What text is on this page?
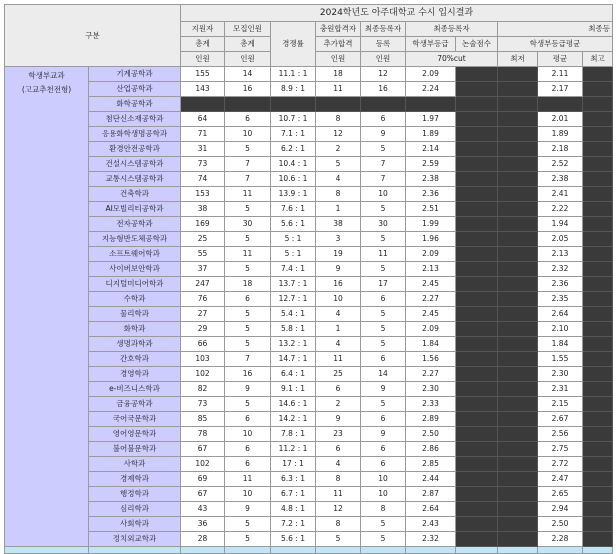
구분		2024학년도 아주대학교 수시 입시결과									
		지원자	모집인원	경쟁률	충원합격자	최종등록자	최종등록자		최종등		
		총계	총계		추가합격	등록	학생부등급	논술점수	학생부등급평균		
		인원	인원		인원	인원	70%cut		최저	평균	최고

학생부교과
(고교추천전형)	기계공학과	155	14	11.1 : 1	18	12	2.09			2.11	
	산업공학과	143	16	8.9 : 1	11	16	2.24			2.17	
	화학공학과										
	첨단신소재공학과	64	6	10.7 : 1	8	6	1.97			2.01	
	응용화학생명공학과	71	10	7.1 : 1	12	9	1.89			1.89	
	환경안전공학과	31	5	6.2 : 1	2	5	2.14			2.18	
	건설시스템공학과	73	7	10.4 : 1	5	7	2.59			2.52	
	교통시스템공학과	74	7	10.6 : 1	4	7	2.38			2.38	
	건축학과	153	11	13.9 : 1	8	10	2.36			2.41	
	AI모빌리티공학과	38	5	7.6 : 1	1	5	2.51			2.22	
	전자공학과	169	30	5.6 : 1	38	30	1.99			1.94	
	지능형반도체공학과	25	5	5 : 1	3	5	1.96			2.05	
	소프트웨어학과	55	11	5 : 1	19	11	2.09			2.13	
	사이버보안학과	37	5	7.4 : 1	9	5	2.13			2.32	
	디지털미디어학과	247	18	13.7 : 1	16	17	2.45			2.36	
	수학과	76	6	12.7 : 1	10	6	2.27			2.35	
	물리학과	27	5	5.4 : 1	4	5	2.45			2.64	
	화학과	29	5	5.8 : 1	1	5	2.09			2.10	
	생명과학과	66	5	13.2 : 1	4	5	1.84			1.84	
	간호학과	103	7	14.7 : 1	11	6	1.56			1.55	
	경영학과	102	16	6.4 : 1	25	14	2.27			2.30	
	e-비즈니스학과	82	9	9.1 : 1	6	9	2.30			2.31	
	금융공학과	73	5	14.6 : 1	2	5	2.33			2.15	
	국어국문학과	85	6	14.2 : 1	9	6	2.89			2.67	
	영어영문학과	78	10	7.8 : 1	23	9	2.50			2.56	
	불어불문학과	67	6	11.2 : 1	6	6	2.86			2.75	
	사학과	102	6	17 : 1	4	6	2.85			2.72	
	경제학과	69	11	6.3 : 1	8	10	2.44			2.47	
	행정학과	67	10	6.7 : 1	11	10	2.87			2.65	
	심리학과	43	9	4.8 : 1	12	8	2.64			2.94	
	사회학과	36	5	7.2 : 1	8	5	2.43			2.50	
	정치외교학과	28	5	5.6 : 1	5	5	2.32			2.28	
